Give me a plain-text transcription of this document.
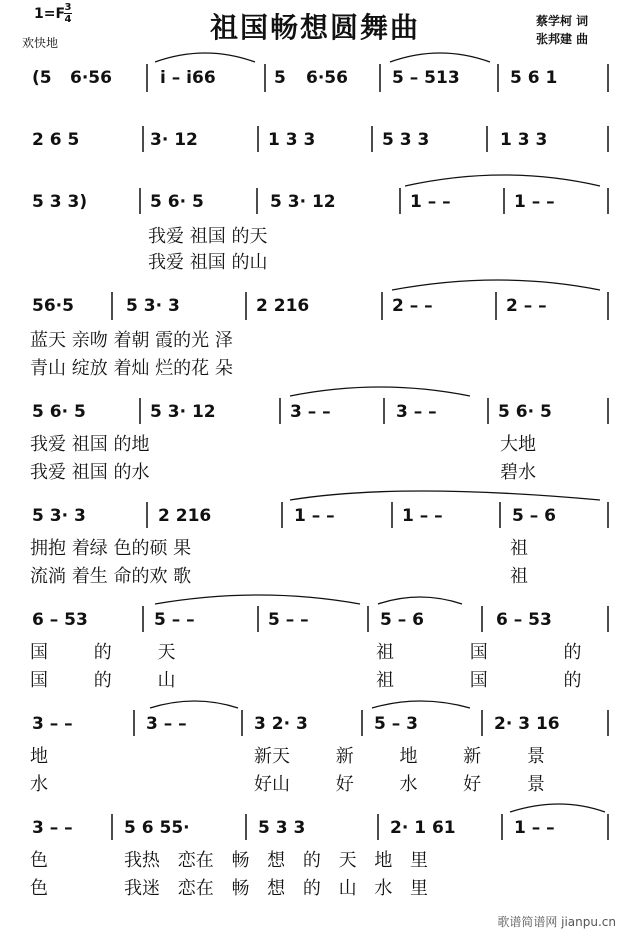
1=F 3
4
欢快地	祖国畅想圆舞曲	蔡学柯 词
张邦建 曲
(5 6·56	i – i66	5 6·56	5 – 513	5 6 1
2 6 5	3· 12	1 3 3	5 3 3	1 3 3
5 3 3)	5 6· 5	5 3· 12	1 – –	1 – –
我爱 祖国 的天
我爱 祖国 的山
56·5	5 3· 3	2 216	2 – –	2 – –
蓝天 亲吻 着朝 霞的光 泽
青山 绽放 着灿 烂的花 朵
5 6· 5	5 3· 12	3 – –	3 – –	5 6· 5
我爱 祖国 的地	大地
我爱 祖国 的水	碧水
5 3· 3	2 216	1 – –	1 – –	5 – 6
拥抱 着绿 色的硕 果	祖
流淌 着生 命的欢 歌	祖
6 – 53	5 – –	5 – –	5 – 6	6 – 53
国 的 天	祖 国 的
国 的 山	祖 国 的
3 – –	3 – –	3 2· 3	5 – 3	2· 3 16
地	新天 新 地 新 景
水	好山 好 水 好 景
3 – –	5 6 55·	5 3 3	2· 1 61	1 – –
色	我热 恋在 畅 想 的 天 地 里
色	我迷 恋在 畅 想 的 山 水 里
歌谱简谱网 jianpu.cn
